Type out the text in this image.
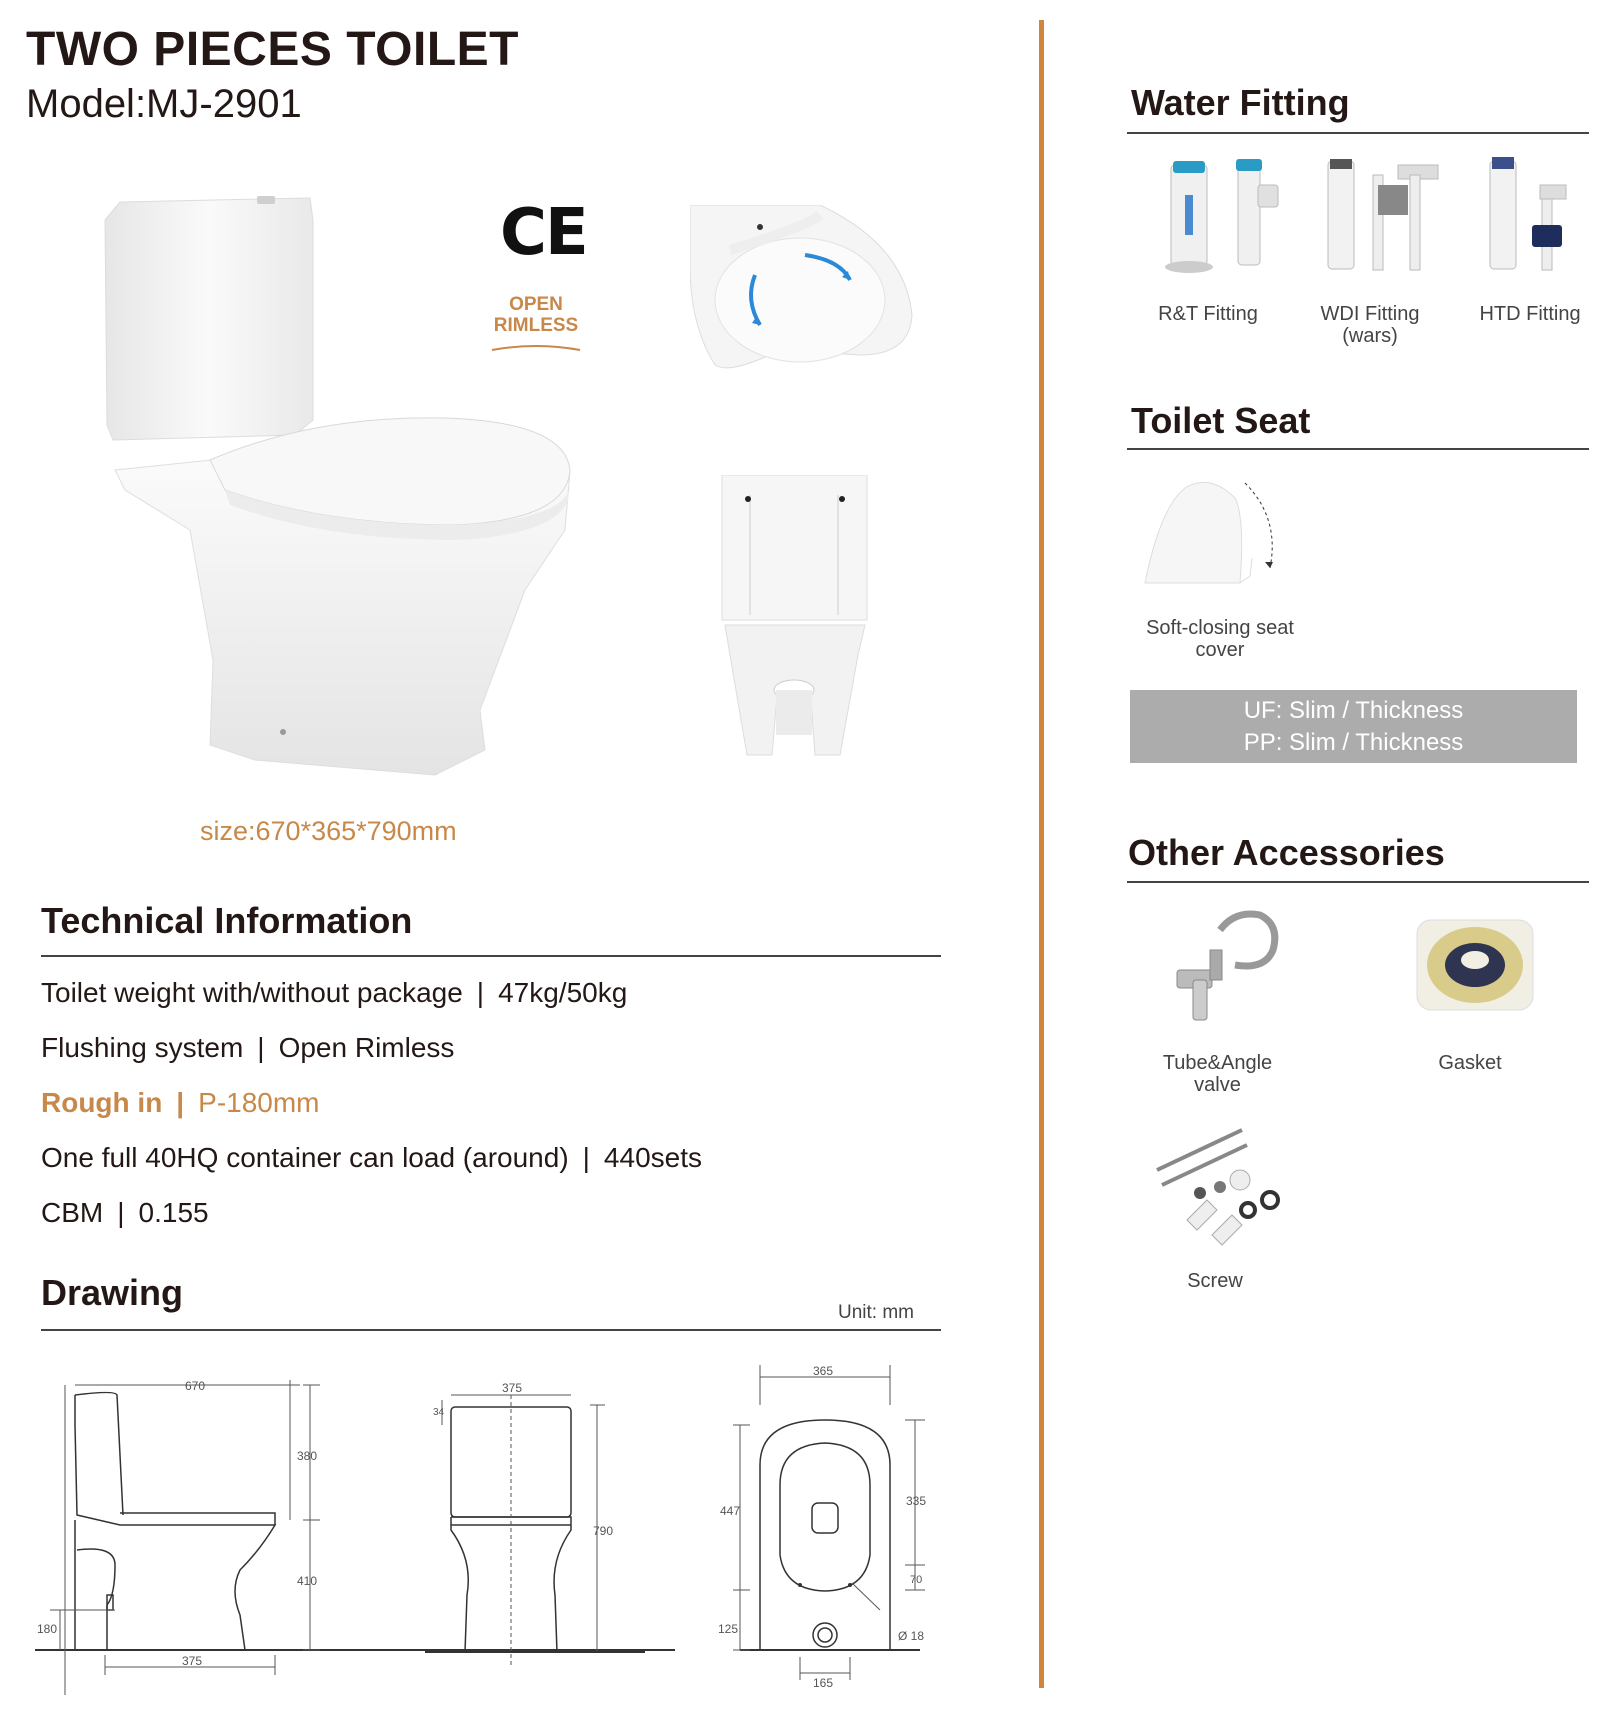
TWO PIECES TOILET
Model:MJ-2901
CE
OPEN
RIMLESS
size:670*365*790mm
Technical Information
Toilet weight with/without package | 47kg/50kg
Flushing system | Open Rimless
Rough in | P-180mm
One full 40HQ container can load (around) | 440sets
CBM | 0.155
Drawing	Unit: mm
670
380
410
180
375
375
34
790
365
447
335
70
125	Ø 18
165
Water Fitting
R&T Fitting	WDI Fitting
(wars)
HTD Fitting
Toilet Seat
Soft-closing seat
cover
UF: Slim / Thickness
PP: Slim / Thickness
Other Accessories
Tube&Angle
valve
Gasket
Screw
